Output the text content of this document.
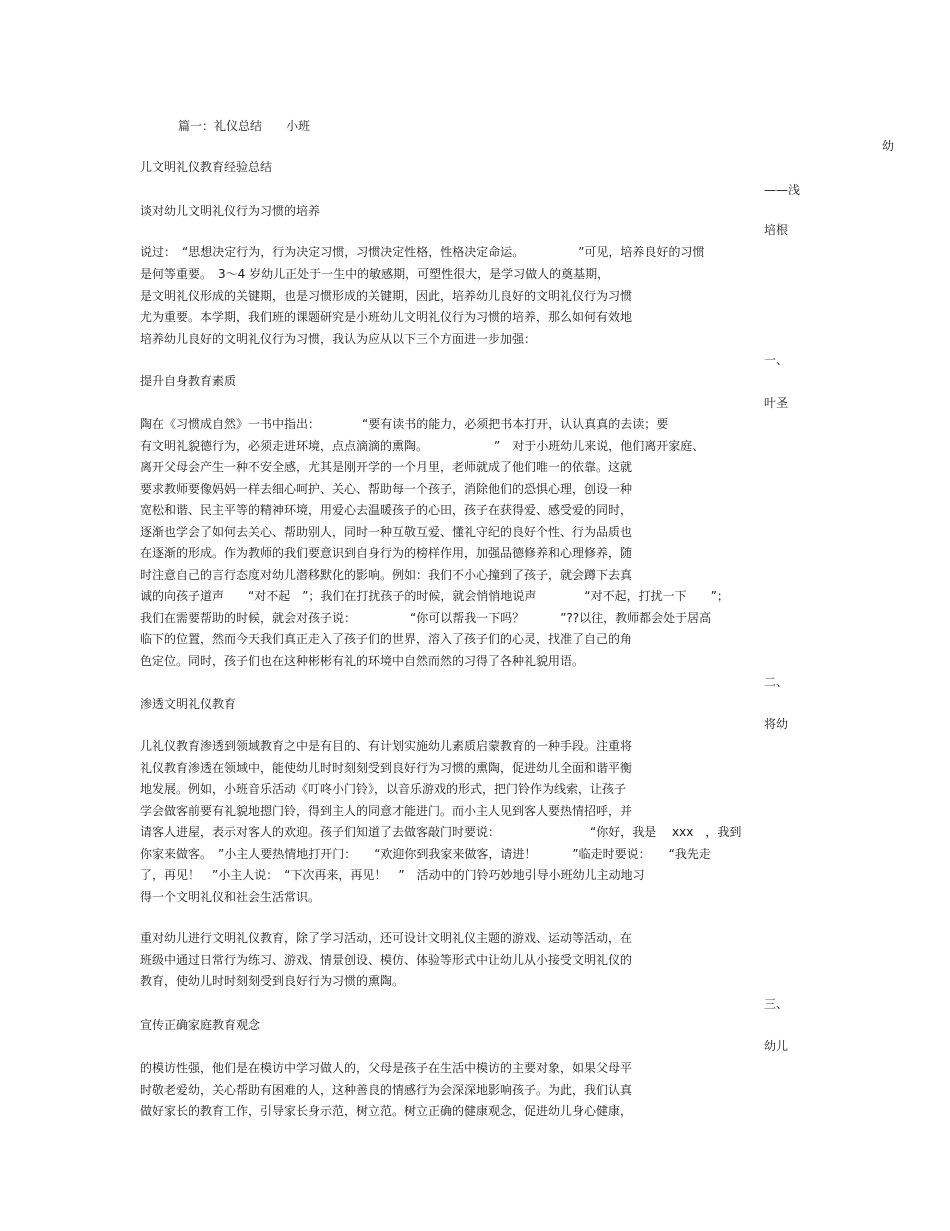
篇一：礼仪总结　　小班
幼
儿文明礼仪教育经验总结
——浅
谈对幼儿文明礼仪行为习惯的培养
培根
说过：　“思想决定行为，行为决定习惯，习惯决定性格，性格决定命运。　　　　　”可见，培养良好的习惯
是何等重要。　3～4 岁幼儿正处于一生中的敏感期，可塑性很大，是学习做人的奠基期，
是文明礼仪形成的关键期，也是习惯形成的关键期，因此，培养幼儿良好的文明礼仪行为习惯
尤为重要。本学期，我们班的课题研究是小班幼儿文明礼仪行为习惯的培养，那么如何有效地
培养幼儿良好的文明礼仪行为习惯，我认为应从以下三个方面进一步加强：
一、
提升自身教育素质
叶圣
陶在《习惯成自然》一书中指出：　　　　“要有读书的能力，必须把书本打开，认认真真的去读；要
有文明礼貌德行为，必须走进环境，点点滴滴的熏陶。　　　　　　”　对于小班幼儿来说，他们离开家庭、
离开父母会产生一种不安全感，尤其是刚开学的一个月里，老师就成了他们唯一的依靠。这就
要求教师要像妈妈一样去细心呵护、关心、帮助每一个孩子，消除他们的恐惧心理，创设一种
宽松和谐、民主平等的精神环境，用爱心去温暖孩子的心田，孩子在获得爱、感受爱的同时，
逐渐也学会了如何去关心、帮助别人，同时一种互敬互爱、懂礼守纪的良好个性、行为品质也
在逐渐的形成。作为教师的我们要意识到自身行为的榜样作用，加强品德修养和心理修养，随
时注意自己的言行态度对幼儿潜移默化的影响。例如：我们不小心撞到了孩子，就会蹲下去真
诚的向孩子道声　　“对不起　”；我们在打扰孩子的时候，就会悄悄地说声　　　　“对不起，打扰一下　　”；
我们在需要帮助的时候，就会对孩子说：　　　　　“你可以帮我一下吗？　　　”??以往，教师都会处于居高
临下的位置，然而今天我们真正走入了孩子们的世界，溶入了孩子们的心灵，找准了自己的角
色定位。同时，孩子们也在这种彬彬有礼的环境中自然而然的习得了各种礼貌用语。
二、
渗透文明礼仪教育
将幼
儿礼仪教育渗透到领域教育之中是有目的、有计划实施幼儿素质启蒙教育的一种手段。注重将
礼仪教育渗透在领域中，能使幼儿时时刻刻受到良好行为习惯的熏陶，促进幼儿全面和谐平衡
地发展。例如，小班音乐活动《叮咚小门铃》，以音乐游戏的形式，把门铃作为线索，让孩子
学会做客前要有礼貌地摁门铃，得到主人的同意才能进门。而小主人见到客人要热情招呼，并
请客人进屋，表示对客人的欢迎。孩子们知道了去做客敲门时要说：　　　　　　　　“你好，我是　 xxx　，我到
你家来做客。　”小主人要热情地打开门：　　“欢迎你到我家来做客，请进！　　　”临走时要说：　　“我先走
了，再见！　”小主人说：　“下次再来，再见！　”　活动中的门铃巧妙地引导小班幼儿主动地习
得一个文明礼仪和社会生活常识。
重对幼儿进行文明礼仪教育，除了学习活动，还可设计文明礼仪主题的游戏、运动等活动，在
班级中通过日常行为练习、游戏、情景创设、模仿、体验等形式中让幼儿从小接受文明礼仪的
教育，使幼儿时时刻刻受到良好行为习惯的熏陶。
三、
宣传正确家庭教育观念
幼儿
的模访性强，他们是在模访中学习做人的，父母是孩子在生活中模访的主要对象，如果父母平
时敬老爱幼，关心帮助有困难的人，这种善良的情感行为会深深地影响孩子。为此，我们认真
做好家长的教育工作，引导家长身示范，树立范。树立正确的健康观念，促进幼儿身心健康，
